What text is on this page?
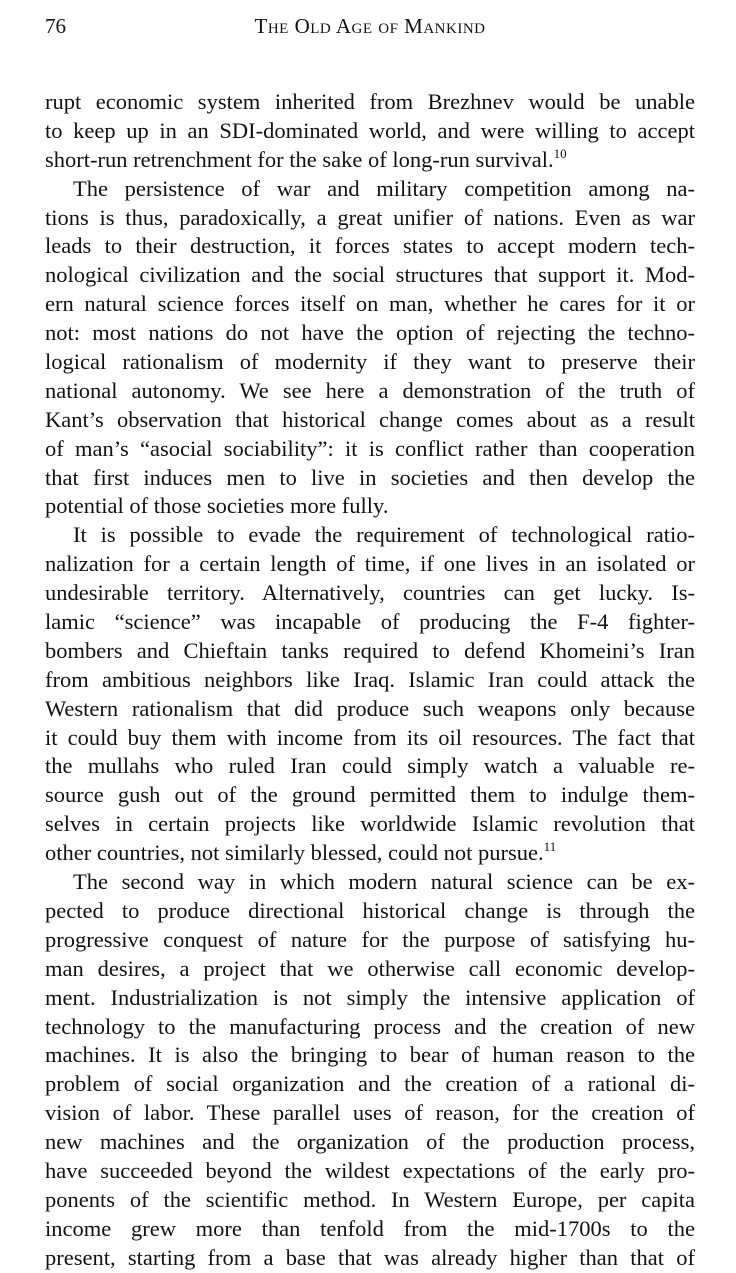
76	The Old Age of Mankind
rupt economic system inherited from Brezhnev would be unable
to keep up in an SDI-dominated world, and were willing to accept
short-run retrenchment for the sake of long-run survival.$^{10}$
The persistence of war and military competition among na-
tions is thus, paradoxically, a great unifier of nations. Even as war
leads to their destruction, it forces states to accept modern tech-
nological civilization and the social structures that support it. Mod-
ern natural science forces itself on man, whether he cares for it or
not: most nations do not have the option of rejecting the techno-
logical rationalism of modernity if they want to preserve their
national autonomy. We see here a demonstration of the truth of
Kant’s observation that historical change comes about as a result
of man’s “asocial sociability”: it is conflict rather than cooperation
that first induces men to live in societies and then develop the
potential of those societies more fully.
It is possible to evade the requirement of technological ratio-
nalization for a certain length of time, if one lives in an isolated or
undesirable territory. Alternatively, countries can get lucky. Is-
lamic “science” was incapable of producing the F-4 fighter-
bombers and Chieftain tanks required to defend Khomeini’s Iran
from ambitious neighbors like Iraq. Islamic Iran could attack the
Western rationalism that did produce such weapons only because
it could buy them with income from its oil resources. The fact that
the mullahs who ruled Iran could simply watch a valuable re-
source gush out of the ground permitted them to indulge them-
selves in certain projects like worldwide Islamic revolution that
other countries, not similarly blessed, could not pursue.$^{11}$
The second way in which modern natural science can be ex-
pected to produce directional historical change is through the
progressive conquest of nature for the purpose of satisfying hu-
man desires, a project that we otherwise call economic develop-
ment. Industrialization is not simply the intensive application of
technology to the manufacturing process and the creation of new
machines. It is also the bringing to bear of human reason to the
problem of social organization and the creation of a rational di-
vision of labor. These parallel uses of reason, for the creation of
new machines and the organization of the production process,
have succeeded beyond the wildest expectations of the early pro-
ponents of the scientific method. In Western Europe, per capita
income grew more than tenfold from the mid-1700s to the
present, starting from a base that was already higher than that of
